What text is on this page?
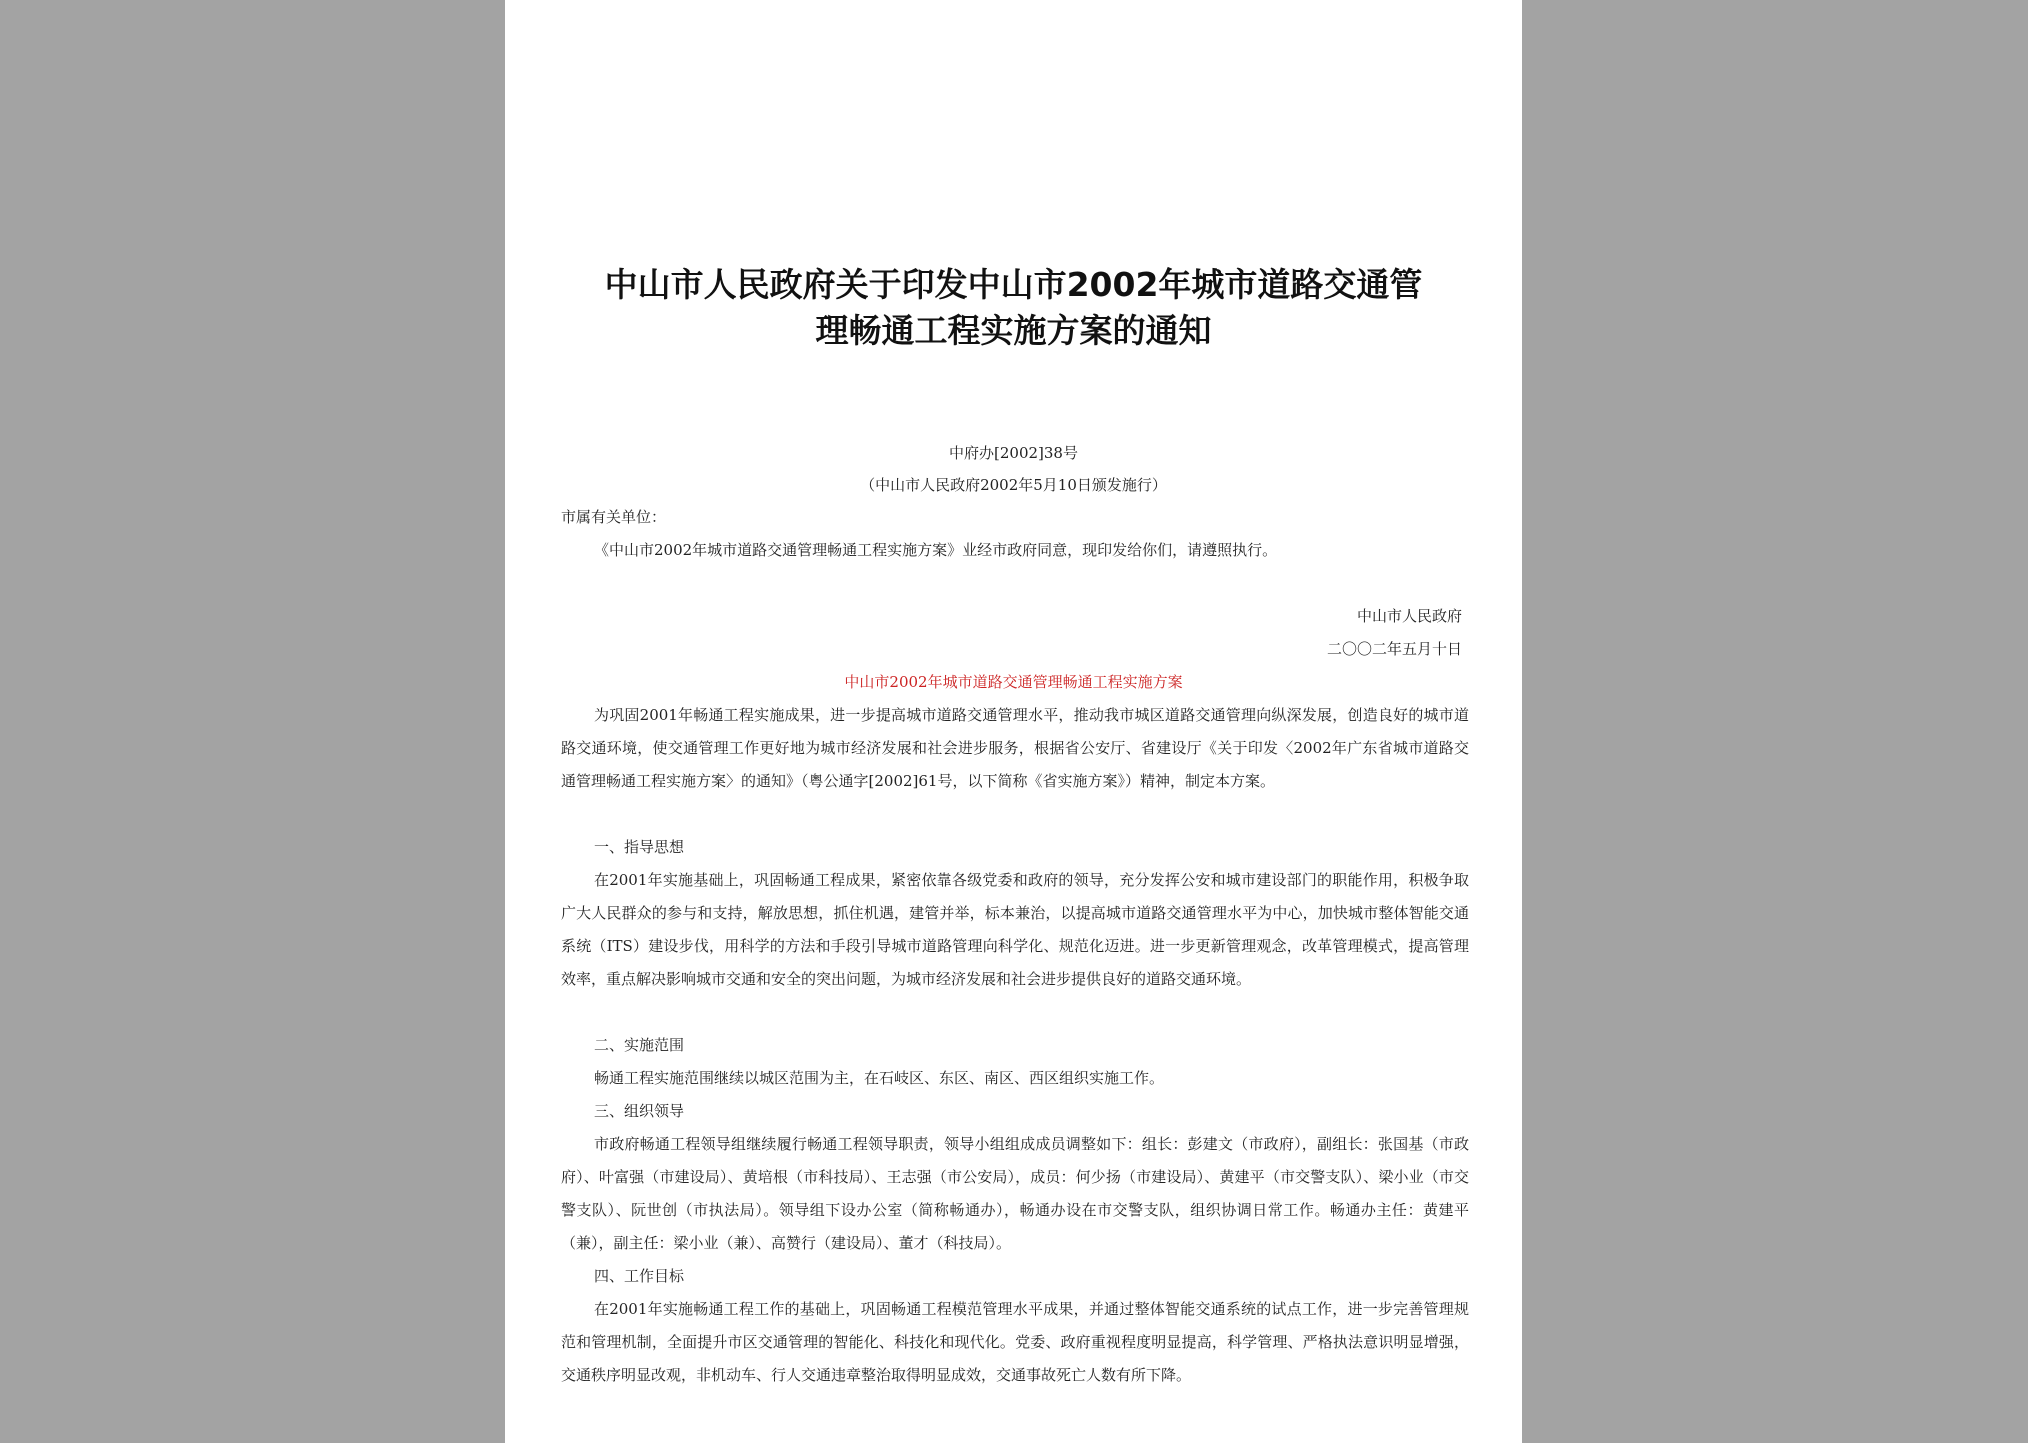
中山市人民政府关于印发中山市2002年城市道路交通管
理畅通工程实施方案的通知
中府办[2002]38号
（中山市人民政府2002年5月10日颁发施行）
市属有关单位：
《中山市2002年城市道路交通管理畅通工程实施方案》业经市政府同意，现印发给你们，请遵照执行。
中山市人民政府
二〇〇二年五月十日
中山市2002年城市道路交通管理畅通工程实施方案

为巩固2001年畅通工程实施成果，进一步提高城市道路交通管理水平，推动我市城区道路交通管理向纵深发展，创造良好的城市道路交通环境，使交通管理工作更好地为城市经济发展和社会进步服务，根据省公安厅、省建设厅《关于印发〈2002年广东省城市道路交通管理畅通工程实施方案〉的通知》（粤公通字[2002]61号，以下简称《省实施方案》）精神，制定本方案。

一、指导思想

在2001年实施基础上，巩固畅通工程成果，紧密依靠各级党委和政府的领导，充分发挥公安和城市建设部门的职能作用，积极争取广大人民群众的参与和支持，解放思想，抓住机遇，建管并举，标本兼治，以提高城市道路交通管理水平为中心，加快城市整体智能交通系统（ITS）建设步伐，用科学的方法和手段引导城市道路管理向科学化、规范化迈进。进一步更新管理观念，改革管理模式，提高管理效率，重点解决影响城市交通和安全的突出问题，为城市经济发展和社会进步提供良好的道路交通环境。

二、实施范围

畅通工程实施范围继续以城区范围为主，在石岐区、东区、南区、西区组织实施工作。

三、组织领导

市政府畅通工程领导组继续履行畅通工程领导职责，领导小组组成成员调整如下：组长：彭建文（市政府），副组长：张国基（市政府）、叶富强（市建设局）、黄培根（市科技局）、王志强（市公安局），成员：何少扬（市建设局）、黄建平（市交警支队）、梁小业（市交警支队）、阮世创（市执法局）。领导组下设办公室（简称畅通办），畅通办设在市交警支队，组织协调日常工作。畅通办主任：黄建平（兼），副主任：梁小业（兼）、高赞行（建设局）、董才（科技局）。

四、工作目标

在2001年实施畅通工程工作的基础上，巩固畅通工程模范管理水平成果，并通过整体智能交通系统的试点工作，进一步完善管理规范和管理机制，全面提升市区交通管理的智能化、科技化和现代化。党委、政府重视程度明显提高，科学管理、严格执法意识明显增强，交通秩序明显改观，非机动车、行人交通违章整治取得明显成效，交通事故死亡人数有所下降。
